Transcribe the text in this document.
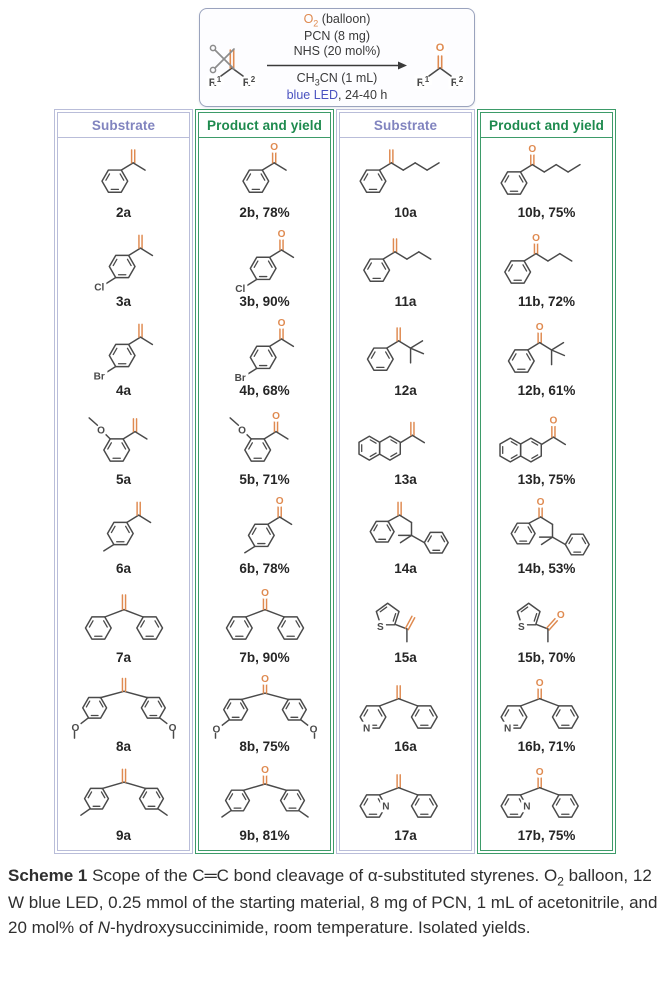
$R^1$ $R^2$
$O_2$ (balloon)
PCN (8 mg)
NHS (20 mol%)
$CH_3CN$ (1 mL)
blue LED, 24-40 h
$R^1$ $R^2$
O
Substrate
2a
Cl
3a
Br
4a
O
5a
6a
7a
O	O
8a
9a
Product and yield
O
2b, 78%
O
Cl
3b, 90%
O
Br
4b, 68%
O
O
5b, 71%
O
6b, 78%
O
7b, 90%
O
O	O
8b, 75%
O
9b, 81%
Substrate
10a
11a
12a
13a
14a
S
15a
N
16a
N
17a
Product and yield
O
10b, 75%
O
11b, 72%
O
12b, 61%
O
13b, 75%
O
14b, 53%
S
O
15b, 70%
N
O
16b, 71%
N
O
17b, 75%

Scheme 1 Scope of the C═C bond cleavage of α-substituted styrenes. $O_2$ balloon, 12 W blue LED, 0.25 mmol of the starting material, 8 mg of PCN, 1 mL of acetonitrile, and 20 mol% of N-hydroxysuccinimide, room temperature. Isolated yields.
